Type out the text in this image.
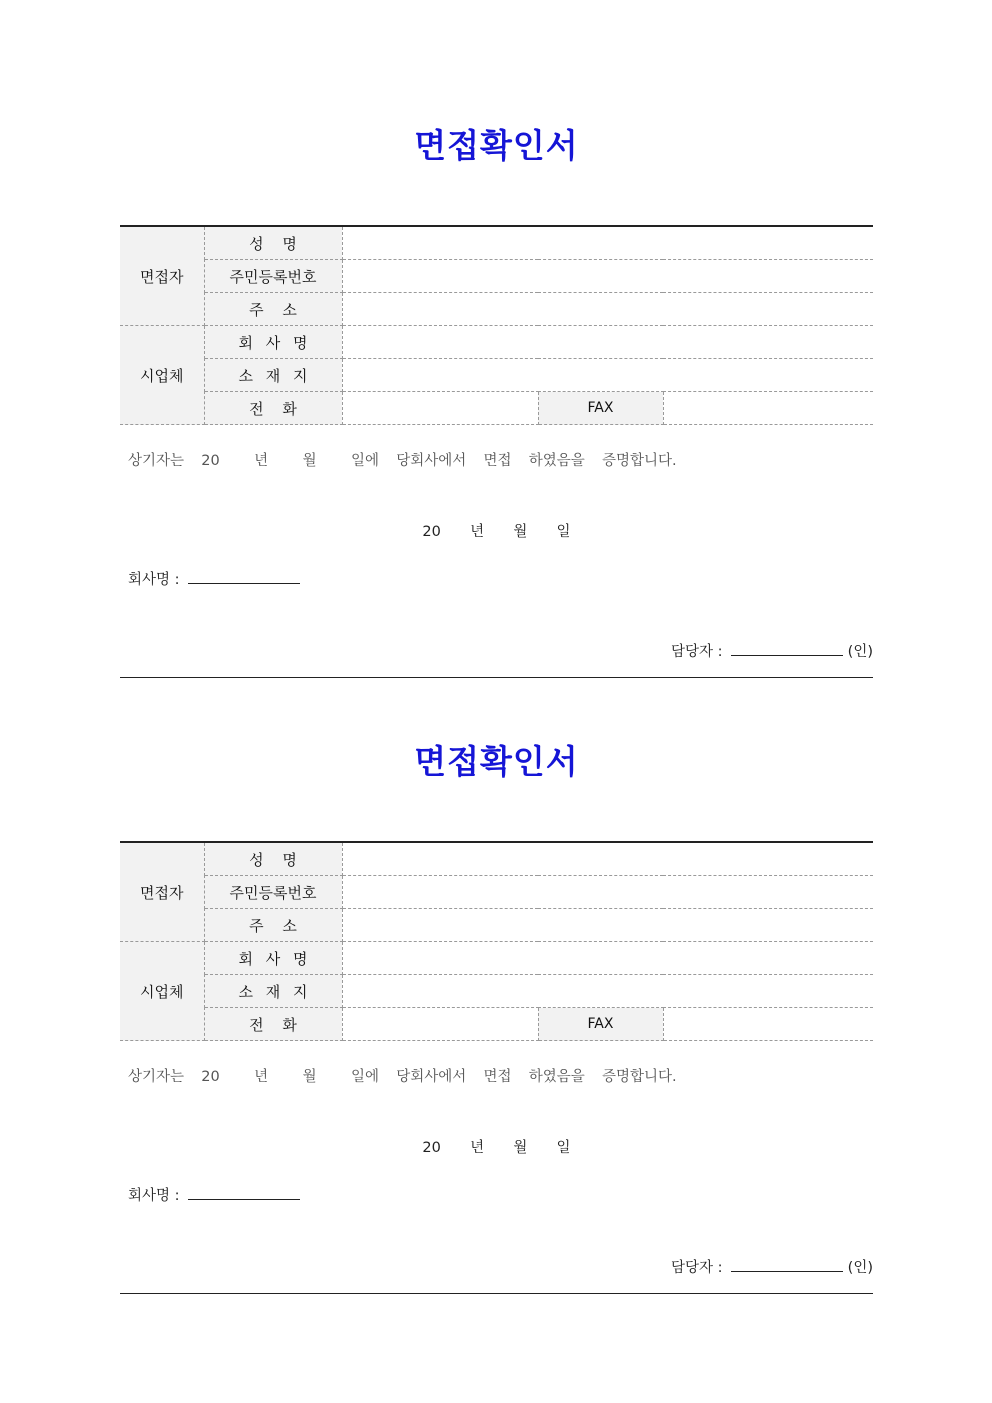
면접확인서
면접자	성 명			
	주민등록번호			
	주 소			
시업체	회 사 명			
	소 재 지			
	전 화		FAX	
상기자는  20    년    월    일에  당회사에서  면접  하였음을  증명합니다.
20  년  월  일
회사명 :
담당자 :	(인)
면접확인서
면접자	성 명			
	주민등록번호			
	주 소			
시업체	회 사 명			
	소 재 지			
	전 화		FAX	
상기자는  20    년    월    일에  당회사에서  면접  하였음을  증명합니다.
20  년  월  일
회사명 :
담당자 :	(인)
